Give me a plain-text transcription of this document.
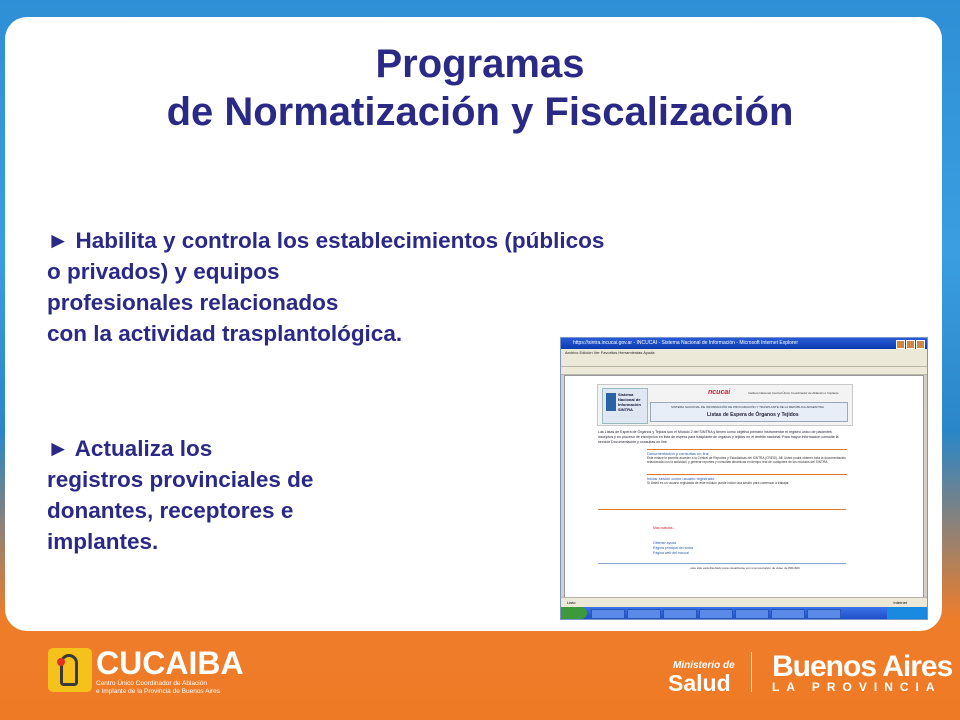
Programas
de Normatización y Fiscalización
► Habilita y controla los establecimientos (públicos
o privados) y equipos
profesionales relacionados
con la actividad trasplantológica.
► Actualiza los
registros provinciales de
donantes, receptores e
implantes.
https://sintra.incucai.gov.ar - INCUCAI - Sistema Nacional de Información - Microsoft Internet Explorer
Archivo Edición Ver Favoritos Herramientas Ayuda
Sistema Nacional de Información SINTRA
ncucai	Instituto Nacional Central Único Coordinador de Ablación e Implante
SISTEMA NACIONAL DE INFORMACIÓN DE PROCURACIÓN Y TRASPLANTE DE LA REPÚBLICA ARGENTINA
Listas de Espera de Órganos y Tejidos
Las Listas de Espera de Órganos y Tejidos son el Módulo 2 del SINTRA y tienen como objetivo primario instrumentar el registro único de pacientes inscriptos y en proceso de inscripción en lista de espera para trasplante de órganos y tejidos en el ámbito nacional. Para mayor información consulte la sección Documentación y consultas on line.
Documentación y consultas on line
Este enlace le permite acceder a la Central de Reportes y Estadísticas del SINTRA (CRESI). Allí Usted podrá obtener toda la documentación relacionada con la actividad, y generar reportes y consultas dinámicas en tiempo real de cualquiera de los módulos del SINTRA.
Iniciar sesión como usuario registrado
Si Usted es un usuario registrado de este módulo puede iniciar una sesión para comenzar a trabajar.
Más noticias...
Obtener ayuda
Página principal del sintra
Página web del incucai
este sitio está diseñado para visualizarse con una resolución de video de 800x600
Listo	Internet
CUCAIBA
Centro Único Coordinador de Ablación
e Implante de la Provincia de Buenos Aires
Ministerio de
Salud Buenos Aires
LA PROVINCIA
